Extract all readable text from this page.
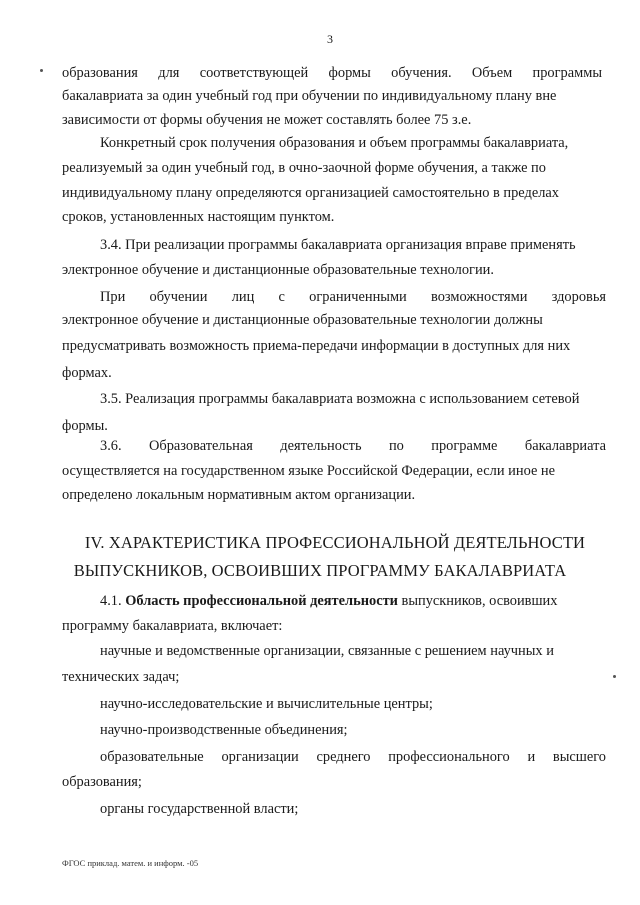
3
образования для соответствующей формы обучения. Объем программы
бакалавриата за один учебный год при обучении по индивидуальному плану вне
зависимости от формы обучения не может составлять более 75 з.е.
Конкретный срок получения образования и объем программы бакалавриата,
реализуемый за один учебный год, в очно-заочной форме обучения, а также по
индивидуальному плану определяются организацией самостоятельно в пределах
сроков, установленных настоящим пунктом.
3.4. При реализации программы бакалавриата организация вправе применять
электронное обучение и дистанционные образовательные технологии.
При обучении лиц с ограниченными возможностями здоровья
электронное обучение и дистанционные образовательные технологии должны
предусматривать возможность приема-передачи информации в доступных для них
формах.
3.5. Реализация программы бакалавриата возможна с использованием сетевой
формы.
3.6. Образовательная деятельность по программе бакалавриата
осуществляется на государственном языке Российской Федерации, если иное не
определено локальным нормативным актом организации.
IV. ХАРАКТЕРИСТИКА ПРОФЕССИОНАЛЬНОЙ ДЕЯТЕЛЬНОСТИ
ВЫПУСКНИКОВ, ОСВОИВШИХ ПРОГРАММУ БАКАЛАВРИАТА
4.1. Область профессиональной деятельности выпускников, освоивших
программу бакалавриата, включает:
научные и ведомственные организации, связанные с решением научных и
технических задач;
научно-исследовательские и вычислительные центры;
научно-производственные объединения;
образовательные организации среднего профессионального и высшего
образования;
органы государственной власти;
ФГОС приклад. матем. и информ. -05
